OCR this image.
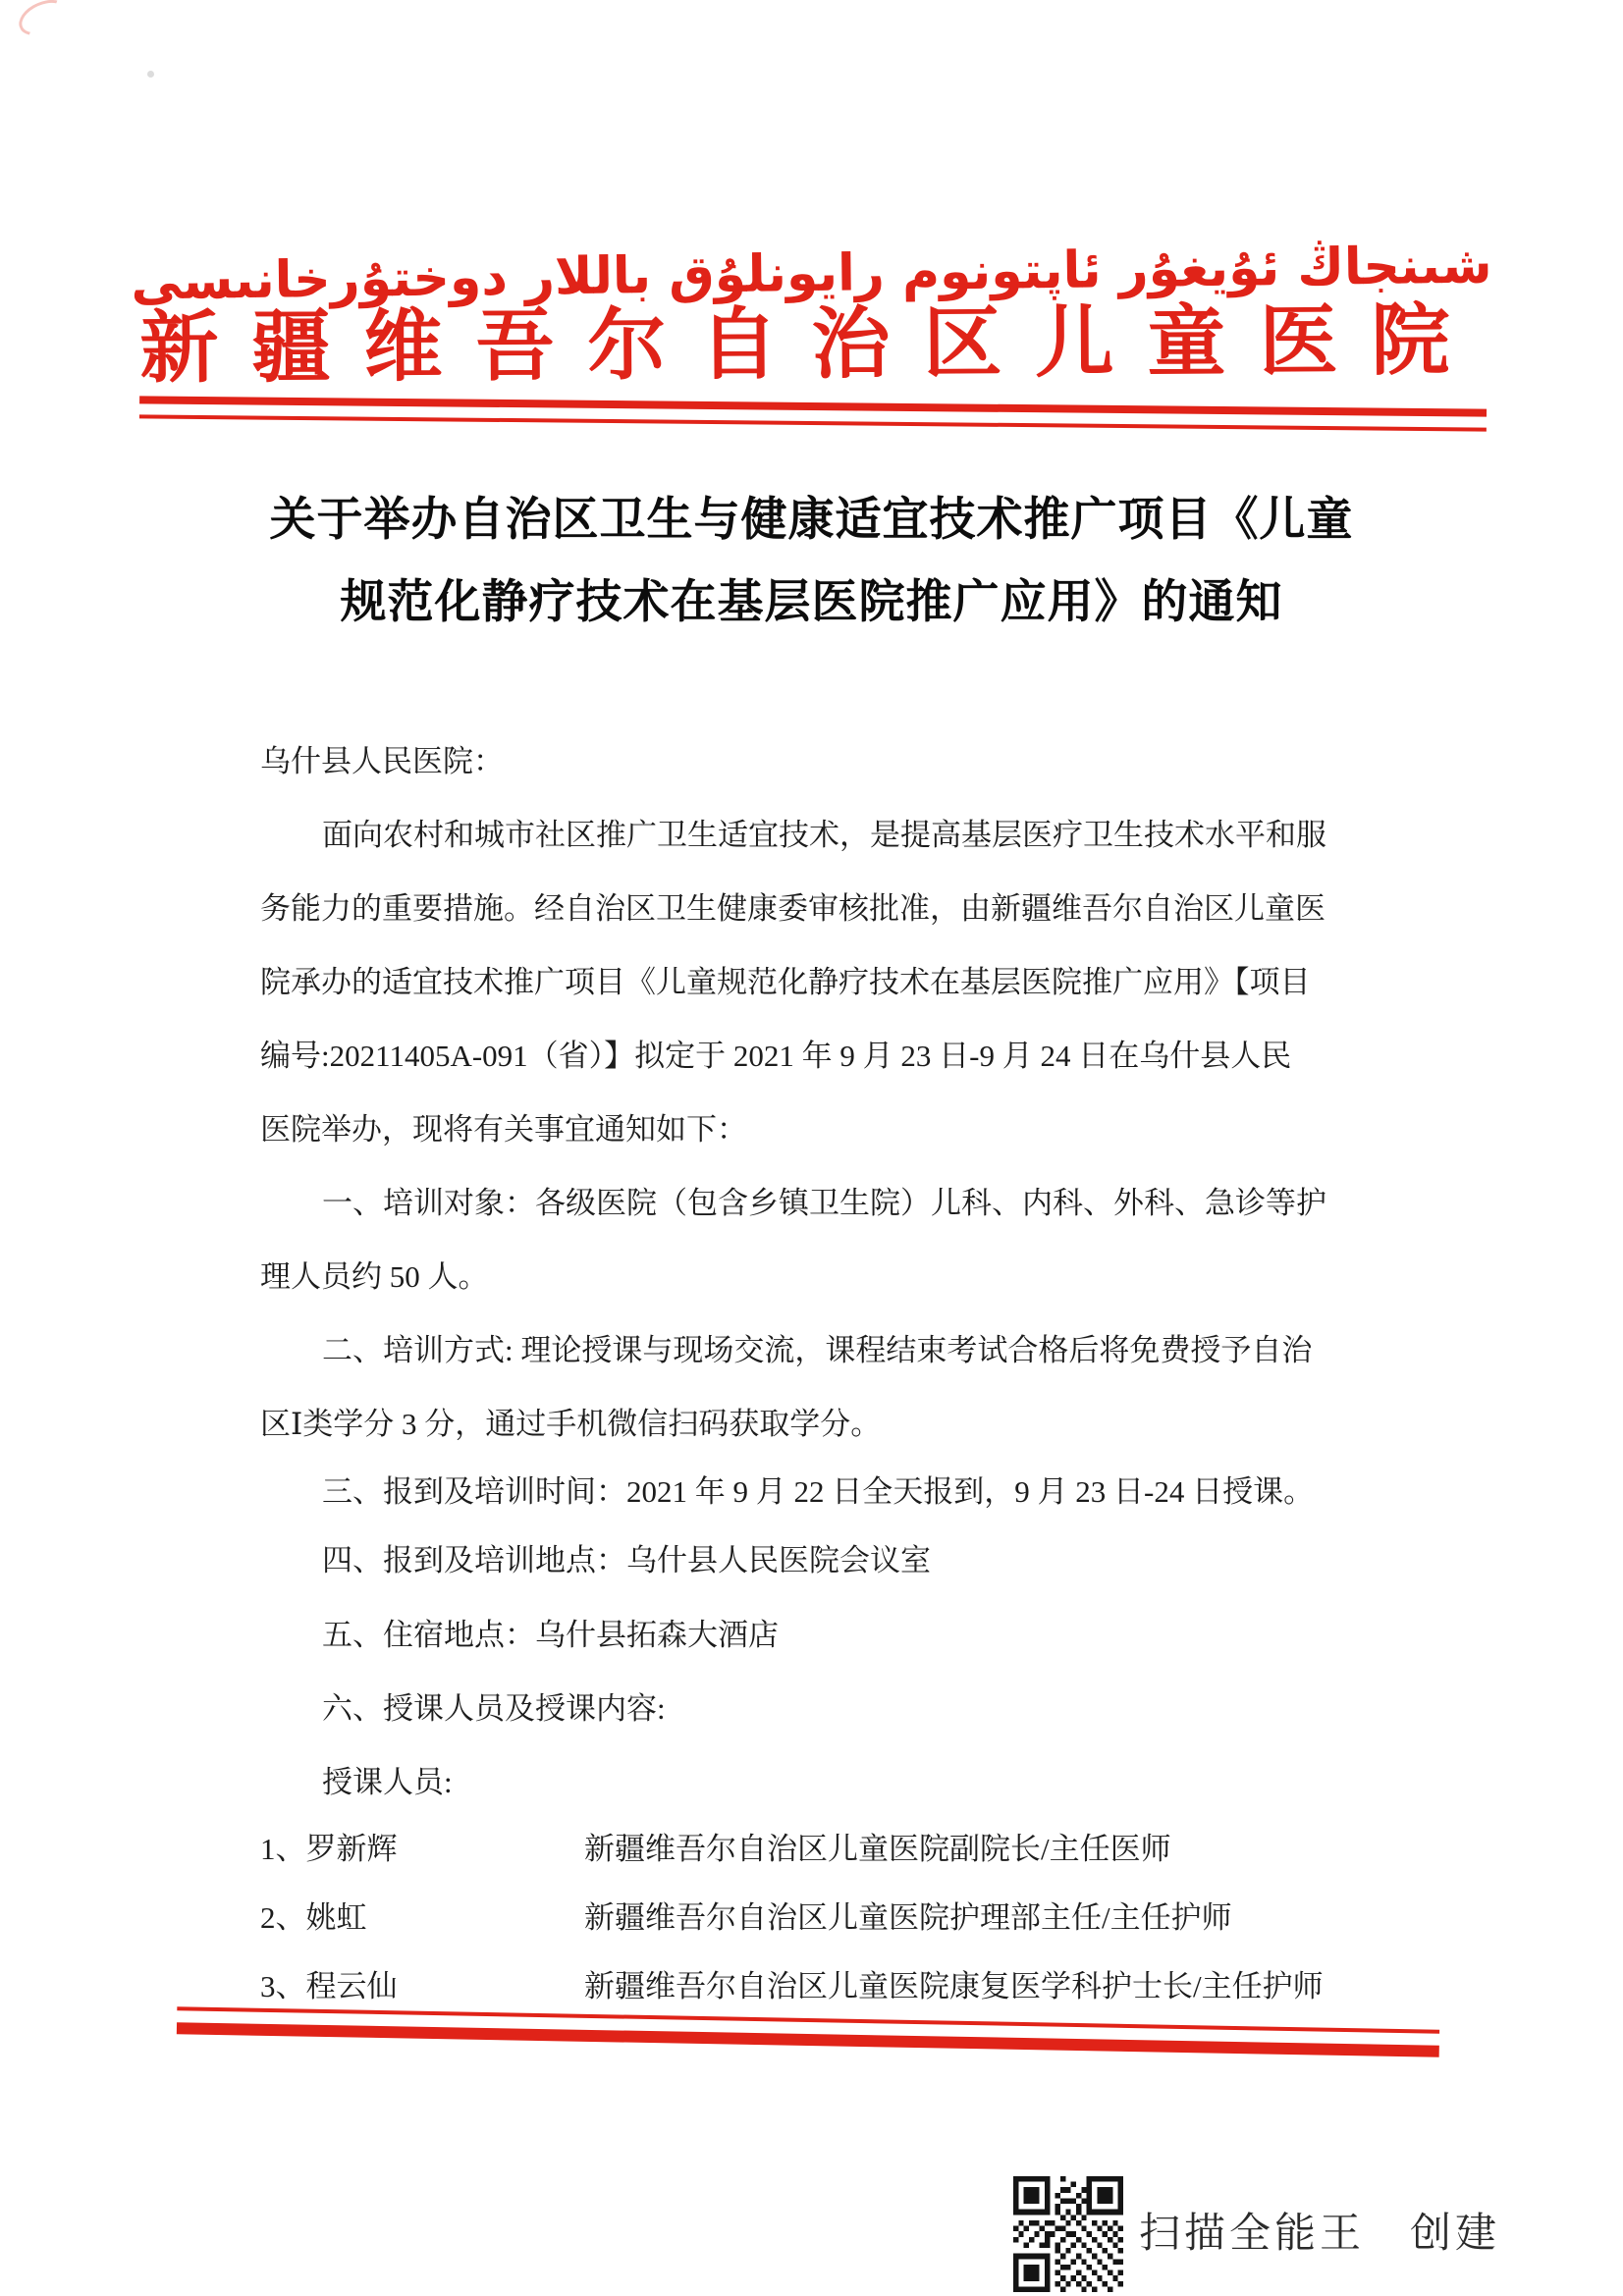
شىنجاڭ ئۇيغۇر ئاپتونوم رايونلۇق باللار دوختۇرخانىسى
新疆维吾尔自治区儿童医院
关于举办自治区卫生与健康适宜技术推广项目《儿童
规范化静疗技术在基层医院推广应用》的通知
乌什县人民医院：
面向农村和城市社区推广卫生适宜技术，是提高基层医疗卫生技术水平和服
务能力的重要措施。经自治区卫生健康委审核批准，由新疆维吾尔自治区儿童医
院承办的适宜技术推广项目《儿童规范化静疗技术在基层医院推广应用》【项目
编号:20211405A-091（省）】拟定于 2021 年 9 月 23 日-9 月 24 日在乌什县人民
医院举办，现将有关事宜通知如下：
一、培训对象：各级医院（包含乡镇卫生院）儿科、内科、外科、急诊等护
理人员约 50 人。
二、培训方式: 理论授课与现场交流，课程结束考试合格后将免费授予自治
区Ⅰ类学分 3 分，通过手机微信扫码获取学分。
三、报到及培训时间：2021 年 9 月 22 日全天报到，9 月 23 日-24 日授课。
四、报到及培训地点：乌什县人民医院会议室
五、住宿地点：乌什县拓森大酒店
六、授课人员及授课内容:
授课人员:
1、罗新辉	新疆维吾尔自治区儿童医院副院长/主任医师
2、姚虹	新疆维吾尔自治区儿童医院护理部主任/主任护师
3、程云仙	新疆维吾尔自治区儿童医院康复医学科护士长/主任护师
扫描全能王　创建
